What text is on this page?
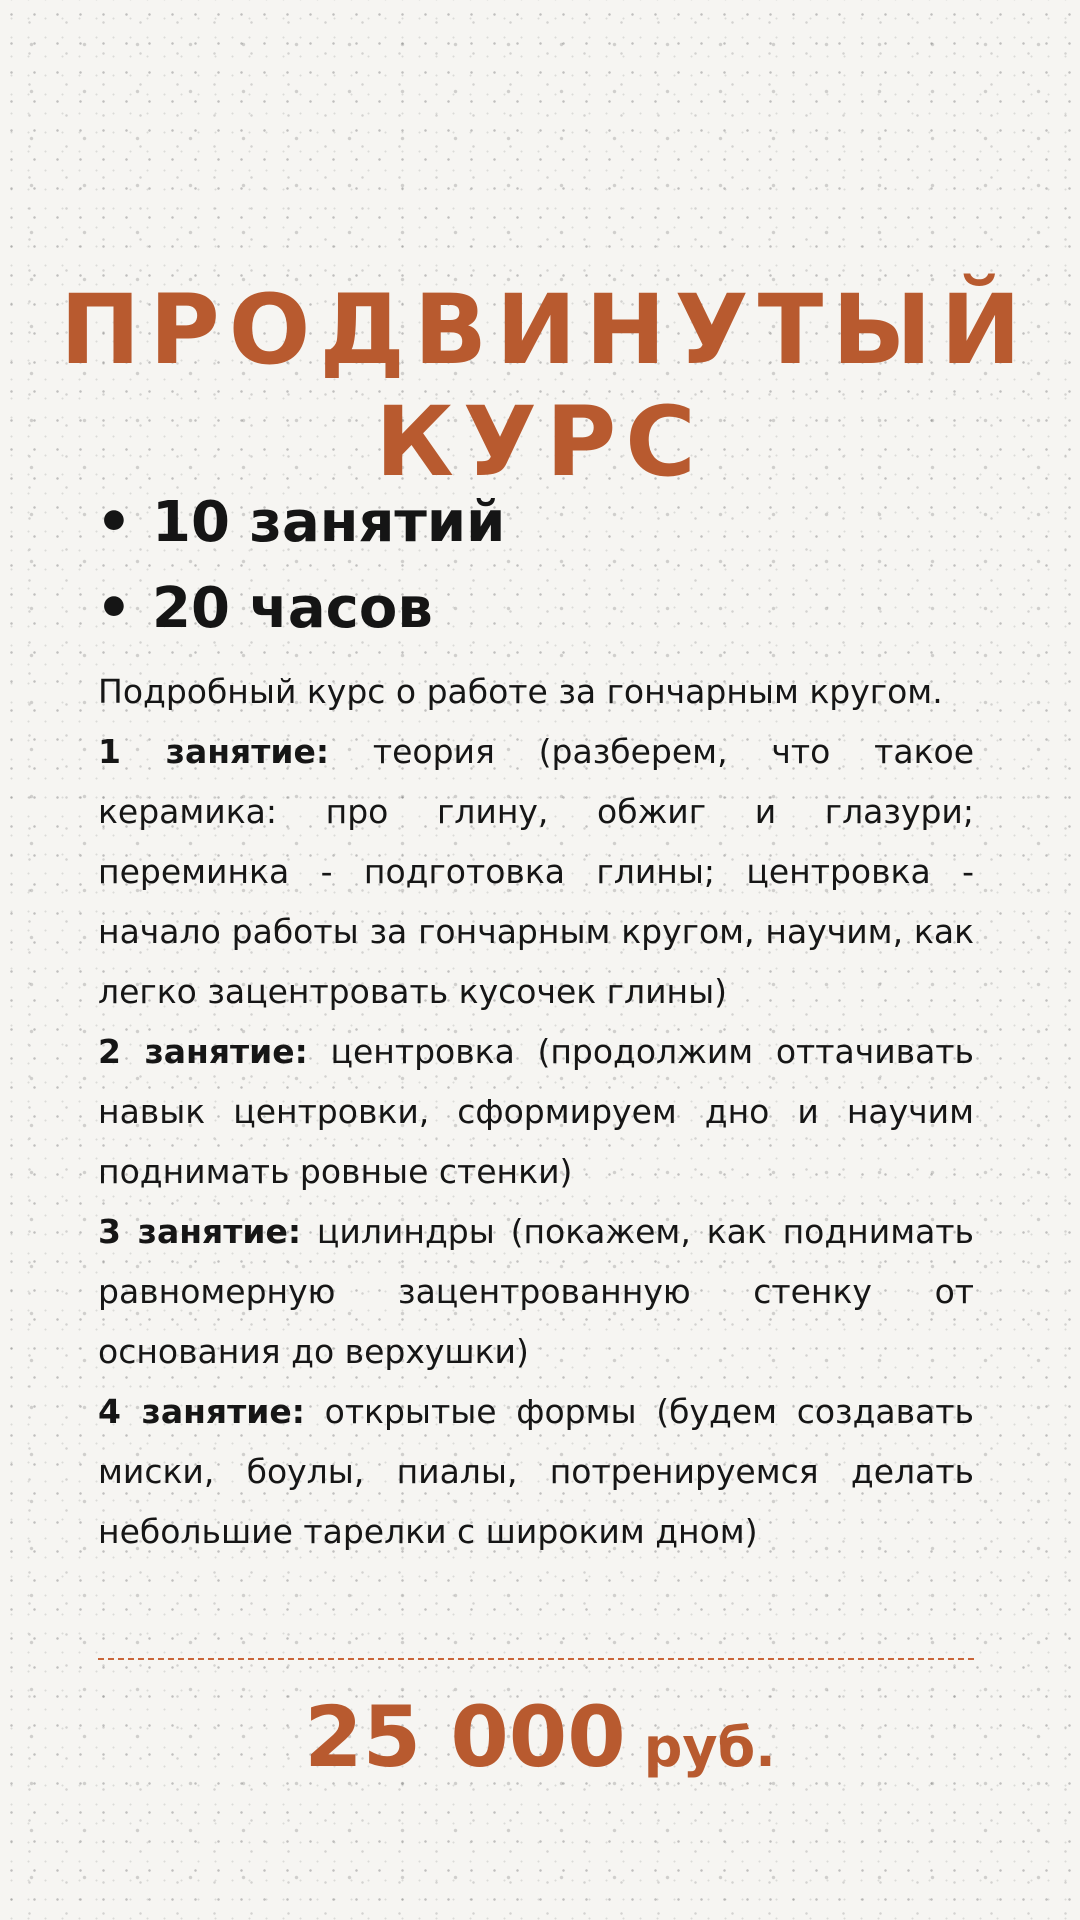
ПРОДВИНУТЫЙ
КУРС
• 10 занятий
• 20 часов

Подробный курс о работе за гончарным кругом.

1 занятие: теория (разберем, что такое керамика: про глину, обжиг и глазури; переминка - подготовка глины; центровка - начало работы за гончарным кругом, научим, как легко зацентровать кусочек глины)

2 занятие: центровка (продолжим оттачивать навык центровки, сформируем дно и научим поднимать ровные стенки)

3 занятие: цилиндры (покажем, как поднимать равномерную зацентрованную стенку от основания до верхушки)

4 занятие: открытые формы (будем создавать миски, боулы, пиалы, потренируемся делать небольшие тарелки с широким дном)

25 000 руб.
